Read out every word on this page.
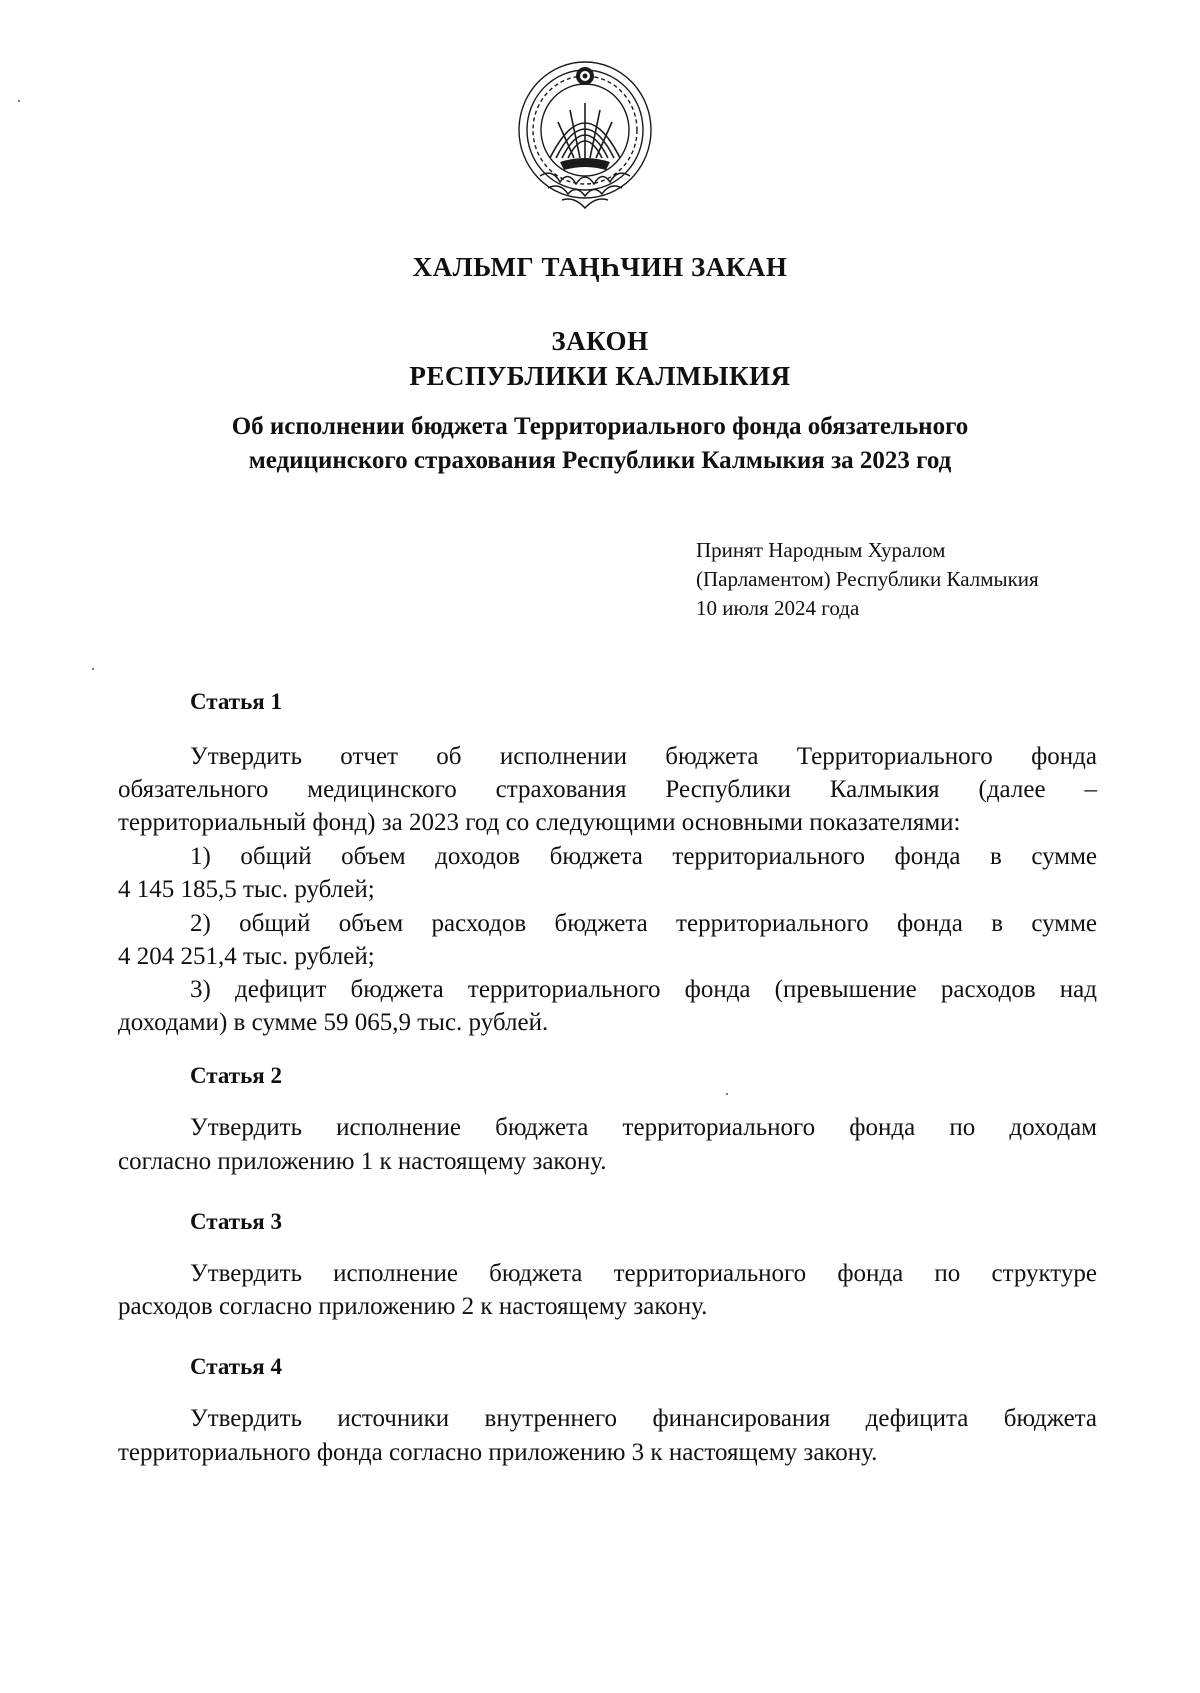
ХАЛЬМГ ТАҢҺЧИН ЗАКАН
ЗАКОН
РЕСПУБЛИКИ КАЛМЫКИЯ
Об исполнении бюджета Территориального фонда обязательного
медицинского страхования Республики Калмыкия за 2023 год
Принят Народным Хуралом
(Парламентом) Республики Калмыкия
10 июля 2024 года
Статья 1
Утвердить отчет об исполнении бюджета Территориального фонда
обязательного медицинского страхования Республики Калмыкия (далее –
территориальный фонд) за 2023 год со следующими основными показателями:
1) общий объем доходов бюджета территориального фонда в сумме
4 145 185,5 тыс. рублей;
2) общий объем расходов бюджета территориального фонда в сумме
4 204 251,4 тыс. рублей;
3) дефицит бюджета территориального фонда (превышение расходов над
доходами) в сумме 59 065,9 тыс. рублей.
Статья 2
Утвердить исполнение бюджета территориального фонда по доходам
согласно приложению 1 к настоящему закону.
Статья 3
Утвердить исполнение бюджета территориального фонда по структуре
расходов согласно приложению 2 к настоящему закону.
Статья 4
Утвердить источники внутреннего финансирования дефицита бюджета
территориального фонда согласно приложению 3 к настоящему закону.
